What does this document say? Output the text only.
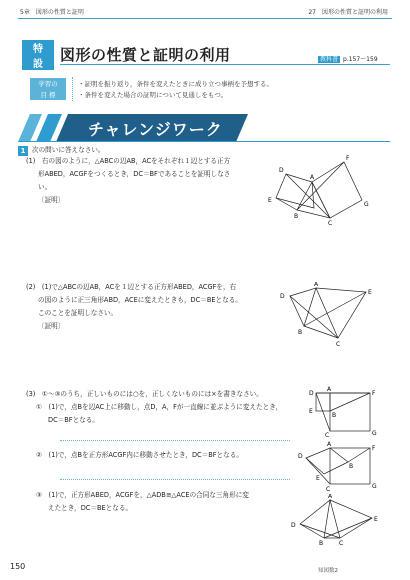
5章　図形の性質と証明	27　図形の性質と証明の利用
特
設
図形の性質と証明の利用	教科書 p.157〜159
学習の
目 標
・証明を振り返り，条件を変えたときに成り立つ事柄を予想する。
・条件を変えた場合の証明について見通しをもつ。
チャレンジワーク
1 次の問いに答えなさい。
(1)　右の図のように，△ABCの辺AB，ACをそれぞれ１辺とする正方
形ABED，ACGFをつくるとき，DC＝BFであることを証明しなさ
い。
〔証明〕
D
A
F
E
B
C
G
(2)　(1)で△ABCの辺AB，ACを１辺とする正方形ABED，ACGFを，右
の図のように正三角形ABD，ACEに変えたときも，DC＝BEとなる。
このことを証明しなさい。
〔証明〕
A
D
E
B
C
(3)　①〜③のうち，正しいものには○を，正しくないものには×を書きなさい。
①　(1)で，点Bを辺AC上に移動し，点D，A，Fが一直線に並ぶように変えたとき，
DC＝BFとなる。
②　(1)で，点Bを正方形ACGF内に移動させたとき，DC＝BFとなる。
③　(1)で，正方形ABED，ACGFを，△ADB≡△ACEの合同な三角形に変
えたとき，DC＝BEとなる。
D
A
F
E
B
C	G
D
A
F
E
B
C	G
A
D
E
B	C
150	知図数2
